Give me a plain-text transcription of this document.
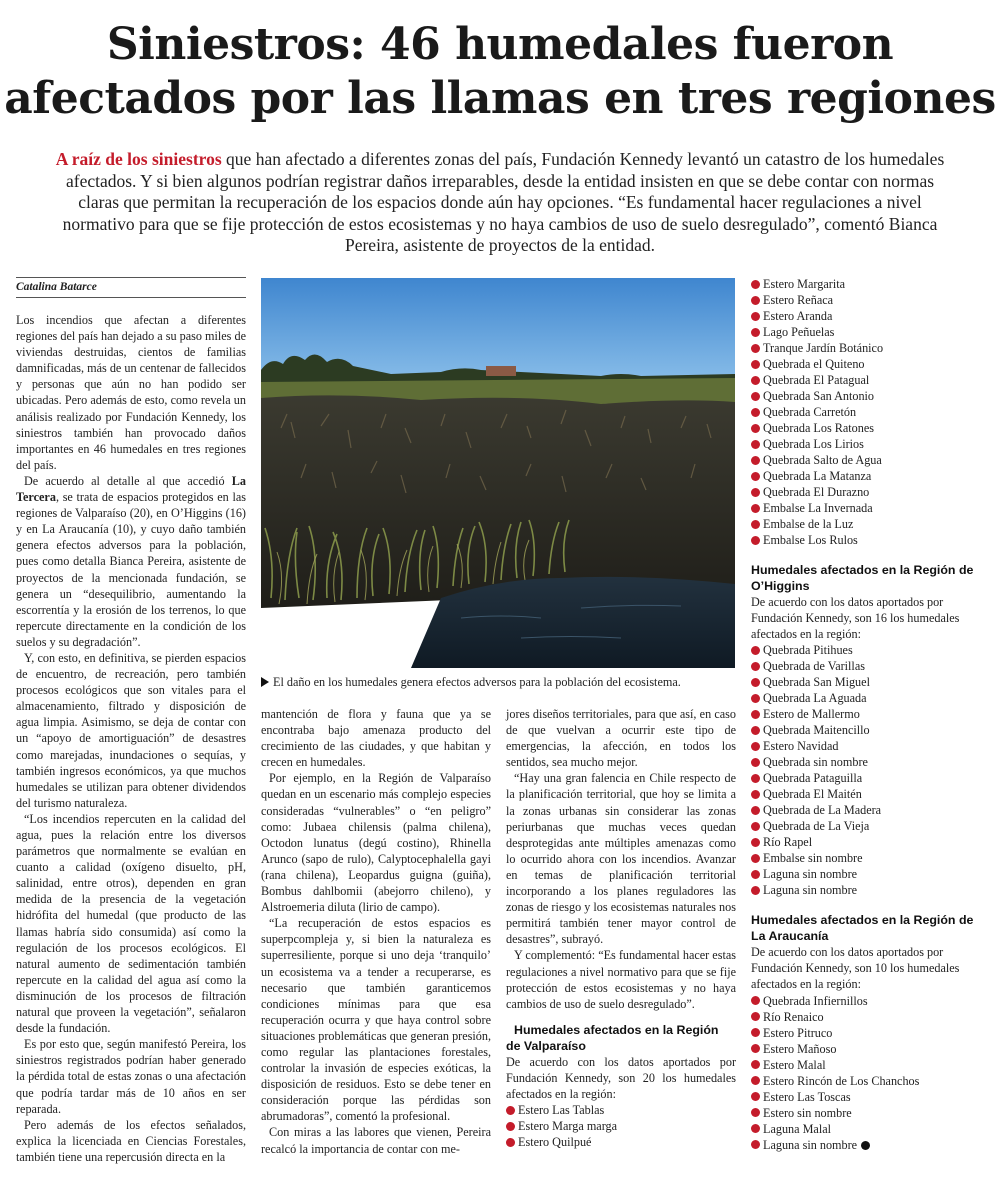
Siniestros: 46 humedales fueron
afectados por las llamas en tres regiones
A raíz de los siniestros que han afectado a diferentes zonas del país, Fundación Kennedy levantó un catastro de los humedales afectados. Y si bien algunos podrían registrar daños irreparables, desde la entidad insisten en que se debe contar con normas claras que permitan la recuperación de los espacios donde aún hay opciones. “Es fundamental hacer regulaciones a nivel normativo para que se fije protección de estos ecosistemas y no haya cambios de uso de suelo desregulado”, comentó Bianca Pereira, asistente de proyectos de la entidad.
Catalina Batarce

Los incendios que afectan a diferentes regiones del país han dejado a su paso miles de viviendas destruidas, cientos de familias damnificadas, más de un centenar de fallecidos y personas que aún no han podido ser ubicadas. Pero además de esto, como revela un análisis realizado por Fundación Kennedy, los siniestros también han provocado daños importantes en 46 humedales en tres regiones del país.

De acuerdo al detalle al que accedió La Tercera, se trata de espacios protegidos en las regiones de Valparaíso (20), en O’Higgins (16) y en La Araucanía (10), y cuyo daño también genera efectos adversos para la población, pues como detalla Bianca Pereira, asistente de proyectos de la mencionada fundación, se genera un “desequilibrio, aumentando la escorrentía y la erosión de los terrenos, lo que repercute directamente en la condición de los suelos y su degradación”.

Y, con esto, en definitiva, se pierden espacios de encuentro, de recreación, pero también procesos ecológicos que son vitales para el almacenamiento, filtrado y disposición de agua limpia. Asimismo, se deja de contar con un “apoyo de amortiguación” de desastres como marejadas, inundaciones o sequías, y también ingresos económicos, ya que muchos humedales se utilizan para obtener dividendos del turismo naturaleza.

“Los incendios repercuten en la calidad del agua, pues la relación entre los diversos parámetros que normalmente se evalúan en cuanto a calidad (oxígeno disuelto, pH, salinidad, entre otros), dependen en gran medida de la presencia de la vegetación hidrófita del humedal (que producto de las llamas habría sido consumida) así como la regulación de los procesos ecológicos. El natural aumento de sedimentación también repercute en la calidad del agua así como la disminución de los procesos de filtración natural que proveen la vegetación”, señalaron desde la fundación.

Es por esto que, según manifestó Pereira, los siniestros registrados podrían haber generado la pérdida total de estas zonas o una afectación que podría tardar más de 10 años en ser reparada.

Pero además de los efectos señalados, explica la licenciada en Ciencias Forestales, también tiene una repercusión directa en la

El daño en los humedales genera efectos adversos para la población del ecosistema.

mantención de flora y fauna que ya se encontraba bajo amenaza producto del crecimiento de las ciudades, y que habitan y crecen en humedales.

Por ejemplo, en la Región de Valparaíso quedan en un escenario más complejo especies consideradas “vulnerables” o “en peligro” como: Jubaea chilensis (palma chilena), Octodon lunatus (degú costino), Rhinella Arunco (sapo de rulo), Calyptocephalella gayi (rana chilena), Leopardus guigna (guiña), Bombus dahlbomii (abejorro chileno), y Alstroemeria diluta (lirio de campo).

“La recuperación de estos espacios es superpcompleja y, si bien la naturaleza es superresiliente, porque si uno deja ‘tranquilo’ un ecosistema va a tender a recuperarse, es necesario que también garanticemos condiciones mínimas para que esa recuperación ocurra y que haya control sobre situaciones problemáticas que generan presión, como regular las plantaciones forestales, controlar la invasión de especies exóticas, la disposición de residuos. Esto se debe tener en consideración porque las pérdidas son abrumadoras”, comentó la profesional.

Con miras a las labores que vienen, Pereira recalcó la importancia de contar con me-

jores diseños territoriales, para que así, en caso de que vuelvan a ocurrir este tipo de emergencias, la afección, en todos los sentidos, sea mucho mejor.

“Hay una gran falencia en Chile respecto de la planificación territorial, que hoy se limita a la zonas urbanas sin considerar las zonas periurbanas que muchas veces quedan desprotegidas ante múltiples amenazas como lo ocurrido ahora con los incendios. Avanzar en temas de planificación territorial incorporando a los planes reguladores las zonas de riesgo y los ecosistemas naturales nos permitirá también tener mayor control de desastres”, subrayó.

Y complementó: “Es fundamental hacer estas regulaciones a nivel normativo para que se fije protección de estos ecosistemas y no haya cambios de uso de suelo desregulado”.

Humedales afectados en la Región de Valparaíso

De acuerdo con los datos aportados por Fundación Kennedy, son 20 los humedales afectados en la región:

Estero Las Tablas
Estero Marga marga
Estero Quilpué
Estero Margarita
Estero Reñaca
Estero Aranda
Lago Peñuelas
Tranque Jardín Botánico
Quebrada el Quiteno
Quebrada El Patagual
Quebrada San Antonio
Quebrada Carretón
Quebrada Los Ratones
Quebrada Los Lirios
Quebrada Salto de Agua
Quebrada La Matanza
Quebrada El Durazno
Embalse La Invernada
Embalse de la Luz
Embalse Los Rulos

Humedales afectados en la Región de O’Higgins

De acuerdo con los datos aportados por Fundación Kennedy, son 16 los humedales afectados en la región:

Quebrada Pitihues
Quebrada de Varillas
Quebrada San Miguel
Quebrada La Aguada
Estero de Mallermo
Quebrada Maitencillo
Estero Navidad
Quebrada sin nombre
Quebrada Pataguilla
Quebrada El Maitén
Quebrada de La Madera
Quebrada de La Vieja
Río Rapel
Embalse sin nombre
Laguna sin nombre
Laguna sin nombre

Humedales afectados en la Región de La Araucanía

De acuerdo con los datos aportados por Fundación Kennedy, son 10 los humedales afectados en la región:

Quebrada Infiernillos
Río Renaico
Estero Pitruco
Estero Mañoso
Estero Malal
Estero Rincón de Los Chanchos
Estero Las Toscas
Estero sin nombre
Laguna Malal
Laguna sin nombre
